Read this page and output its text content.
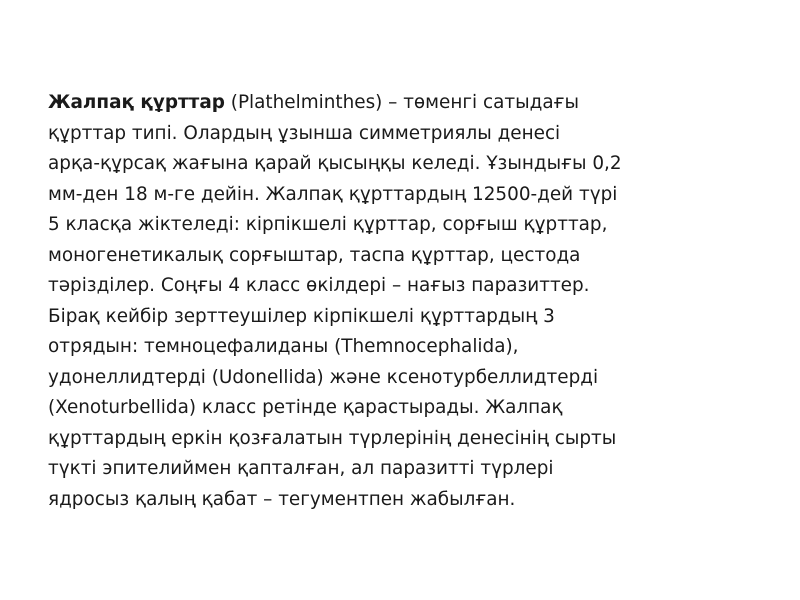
Жалпақ құрттар (Plathelminthes) – төменгі сатыдағы
құрттар типі. Олардың ұзынша симметриялы денесі
арқа-құрсақ жағына қарай қысыңқы келеді. Ұзындығы 0,2
мм-ден 18 м-ге дейін. Жалпақ құрттардың 12500-дей түрі
5 класқа жіктеледі: кірпікшелі құрттар, сорғыш құрттар,
моногенетикалық сорғыштар, таспа құрттар, цестода
тәрізділер. Соңғы 4 класс өкілдері – нағыз паразиттер.
Бірақ кейбір зерттеушілер кірпікшелі құрттардың 3
отрядын: темноцефалиданы (Themnocephalida),
удонеллидтерді (Udonellida) және ксенотурбеллидтерді
(Xenoturbellida) класс ретінде қарастырады. Жалпақ
құрттардың еркін қозғалатын түрлерінің денесінің сырты
түкті эпителиймен қапталған, ал паразитті түрлері
ядросыз қалың қабат – тегументпен жабылған.
